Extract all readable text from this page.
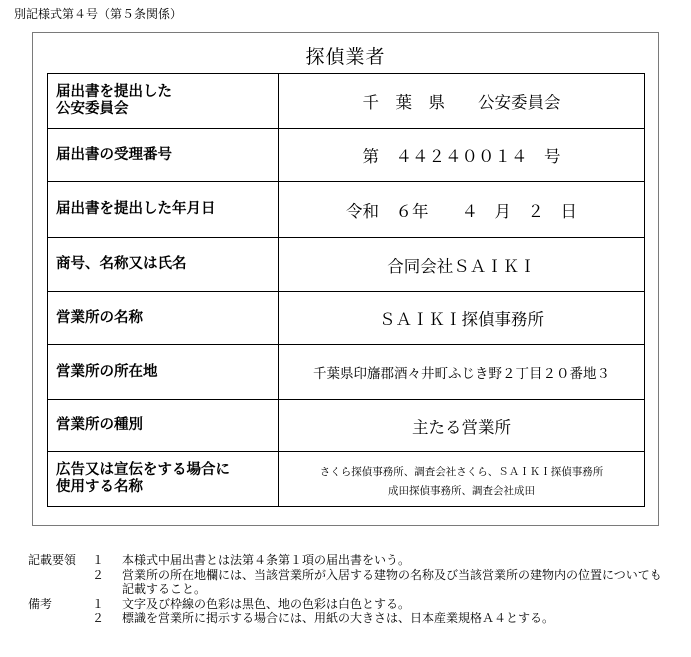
別記様式第４号（第５条関係）
探偵業者
届出書を提出した
公安委員会	千　葉　県　　公安委員会
届出書の受理番号	第　４４２４００１４　号
届出書を提出した年月日	令和　６年　　４　月　２　日
商号、名称又は氏名	合同会社ＳＡＩＫＩ
営業所の名称	ＳＡＩＫＩ探偵事務所
営業所の所在地	千葉県印旛郡酒々井町ふじき野２丁目２０番地３
営業所の種別	主たる営業所
広告又は宣伝をする場合に
使用する名称	さくら探偵事務所、調査会社さくら、ＳＡＩＫＩ探偵事務所
成田探偵事務所、調査会社成田
記載要領	１	本様式中届出書とは法第４条第１項の届出書をいう。
２	営業所の所在地欄には、当該営業所が入居する建物の名称及び当該営業所の建物内の位置についても記載すること。
備考	１	文字及び枠線の色彩は黒色、地の色彩は白色とする。
２	標識を営業所に掲示する場合には、用紙の大きさは、日本産業規格Ａ４とする。
